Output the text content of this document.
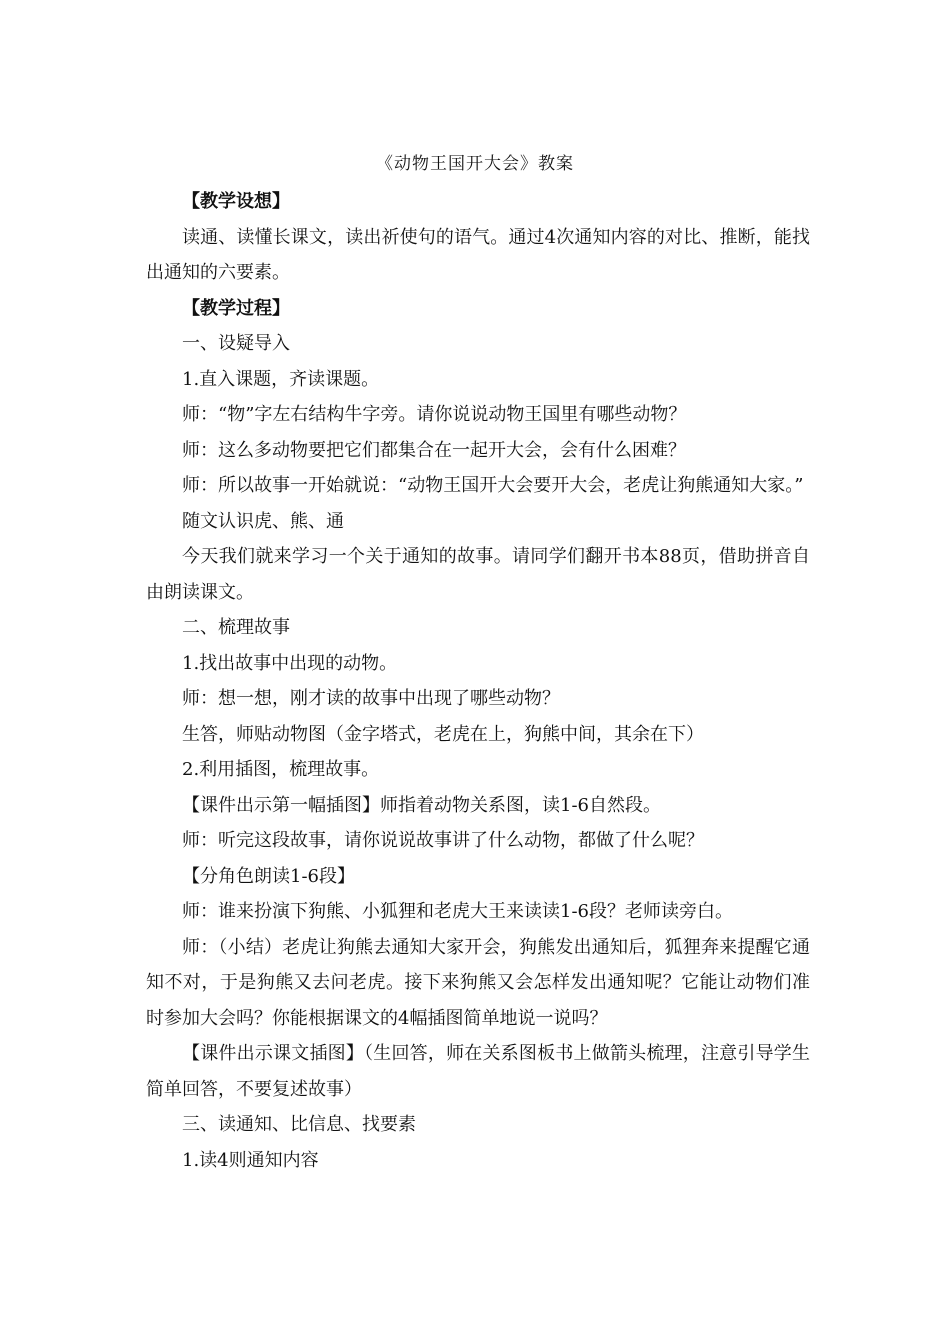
《动物王国开大会》教案

【教学设想】

读通、读懂长课文，读出祈使句的语气。通过4次通知内容的对比、推断，能找出通知的六要素。

【教学过程】

一、设疑导入

1.直入课题，齐读课题。

师：“物”字左右结构牛字旁。请你说说动物王国里有哪些动物？

师：这么多动物要把它们都集合在一起开大会，会有什么困难？

师：所以故事一开始就说：“动物王国开大会要开大会，老虎让狗熊通知大家。”

随文认识虎、熊、通

今天我们就来学习一个关于通知的故事。请同学们翻开书本88页，借助拼音自由朗读课文。

二、梳理故事

1.找出故事中出现的动物。

师：想一想，刚才读的故事中出现了哪些动物？

生答，师贴动物图（金字塔式，老虎在上，狗熊中间，其余在下）

2.利用插图，梳理故事。

【课件出示第一幅插图】师指着动物关系图，读1-6自然段。

师：听完这段故事，请你说说故事讲了什么动物，都做了什么呢？

【分角色朗读1-6段】

师：谁来扮演下狗熊、小狐狸和老虎大王来读读1-6段？老师读旁白。

师：（小结）老虎让狗熊去通知大家开会，狗熊发出通知后，狐狸奔来提醒它通知不对，于是狗熊又去问老虎。接下来狗熊又会怎样发出通知呢？它能让动物们准时参加大会吗？你能根据课文的4幅插图简单地说一说吗？

【课件出示课文插图】（生回答，师在关系图板书上做箭头梳理，注意引导学生简单回答，不要复述故事）

三、读通知、比信息、找要素

1.读4则通知内容
